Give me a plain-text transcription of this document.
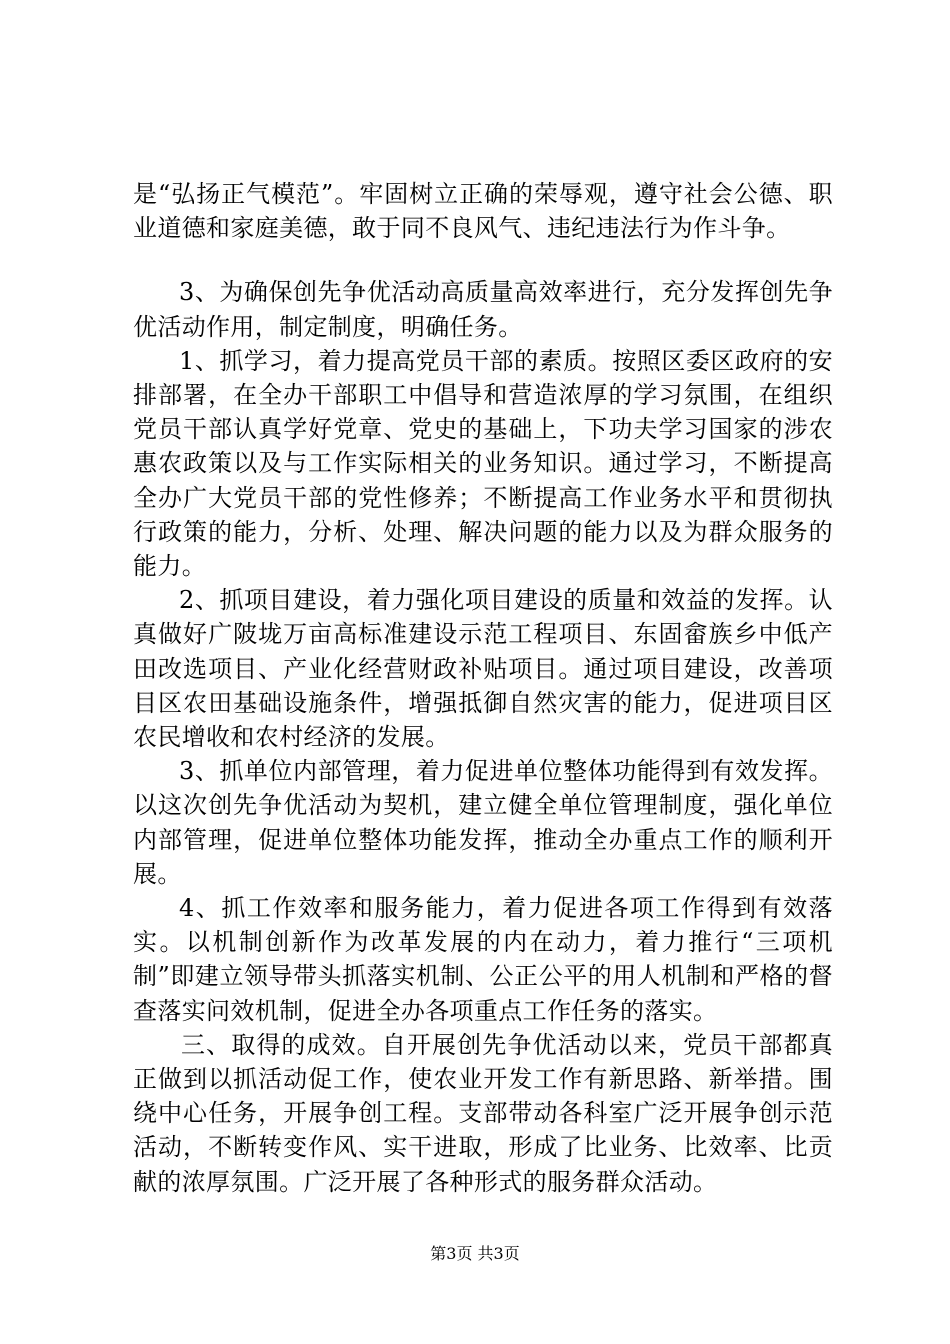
是“弘扬正气模范”。牢固树立正确的荣辱观，遵守社会公德、职业道德和家庭美德，敢于同不良风气、违纪违法行为作斗争。

3、为确保创先争优活动高质量高效率进行，充分发挥创先争优活动作用，制定制度，明确任务。

1、抓学习，着力提高党员干部的素质。按照区委区政府的安排部署，在全办干部职工中倡导和营造浓厚的学习氛围，在组织党员干部认真学好党章、党史的基础上，下功夫学习国家的涉农惠农政策以及与工作实际相关的业务知识。通过学习，不断提高全办广大党员干部的党性修养；不断提高工作业务水平和贯彻执行政策的能力，分析、处理、解决问题的能力以及为群众服务的能力。

2、抓项目建设，着力强化项目建设的质量和效益的发挥。认真做好广陂垅万亩高标准建设示范工程项目、东固畲族乡中低产田改选项目、产业化经营财政补贴项目。通过项目建设，改善项目区农田基础设施条件，增强抵御自然灾害的能力，促进项目区农民增收和农村经济的发展。

3、抓单位内部管理，着力促进单位整体功能得到有效发挥。以这次创先争优活动为契机，建立健全单位管理制度，强化单位内部管理，促进单位整体功能发挥，推动全办重点工作的顺利开展。

4、抓工作效率和服务能力，着力促进各项工作得到有效落实。以机制创新作为改革发展的内在动力，着力推行“三项机制”即建立领导带头抓落实机制、公正公平的用人机制和严格的督查落实问效机制，促进全办各项重点工作任务的落实。

三、取得的成效。自开展创先争优活动以来，党员干部都真正做到以抓活动促工作，使农业开发工作有新思路、新举措。围绕中心任务，开展争创工程。支部带动各科室广泛开展争创示范活动，不断转变作风、实干进取，形成了比业务、比效率、比贡献的浓厚氛围。广泛开展了各种形式的服务群众活动。

第3页 共3页
